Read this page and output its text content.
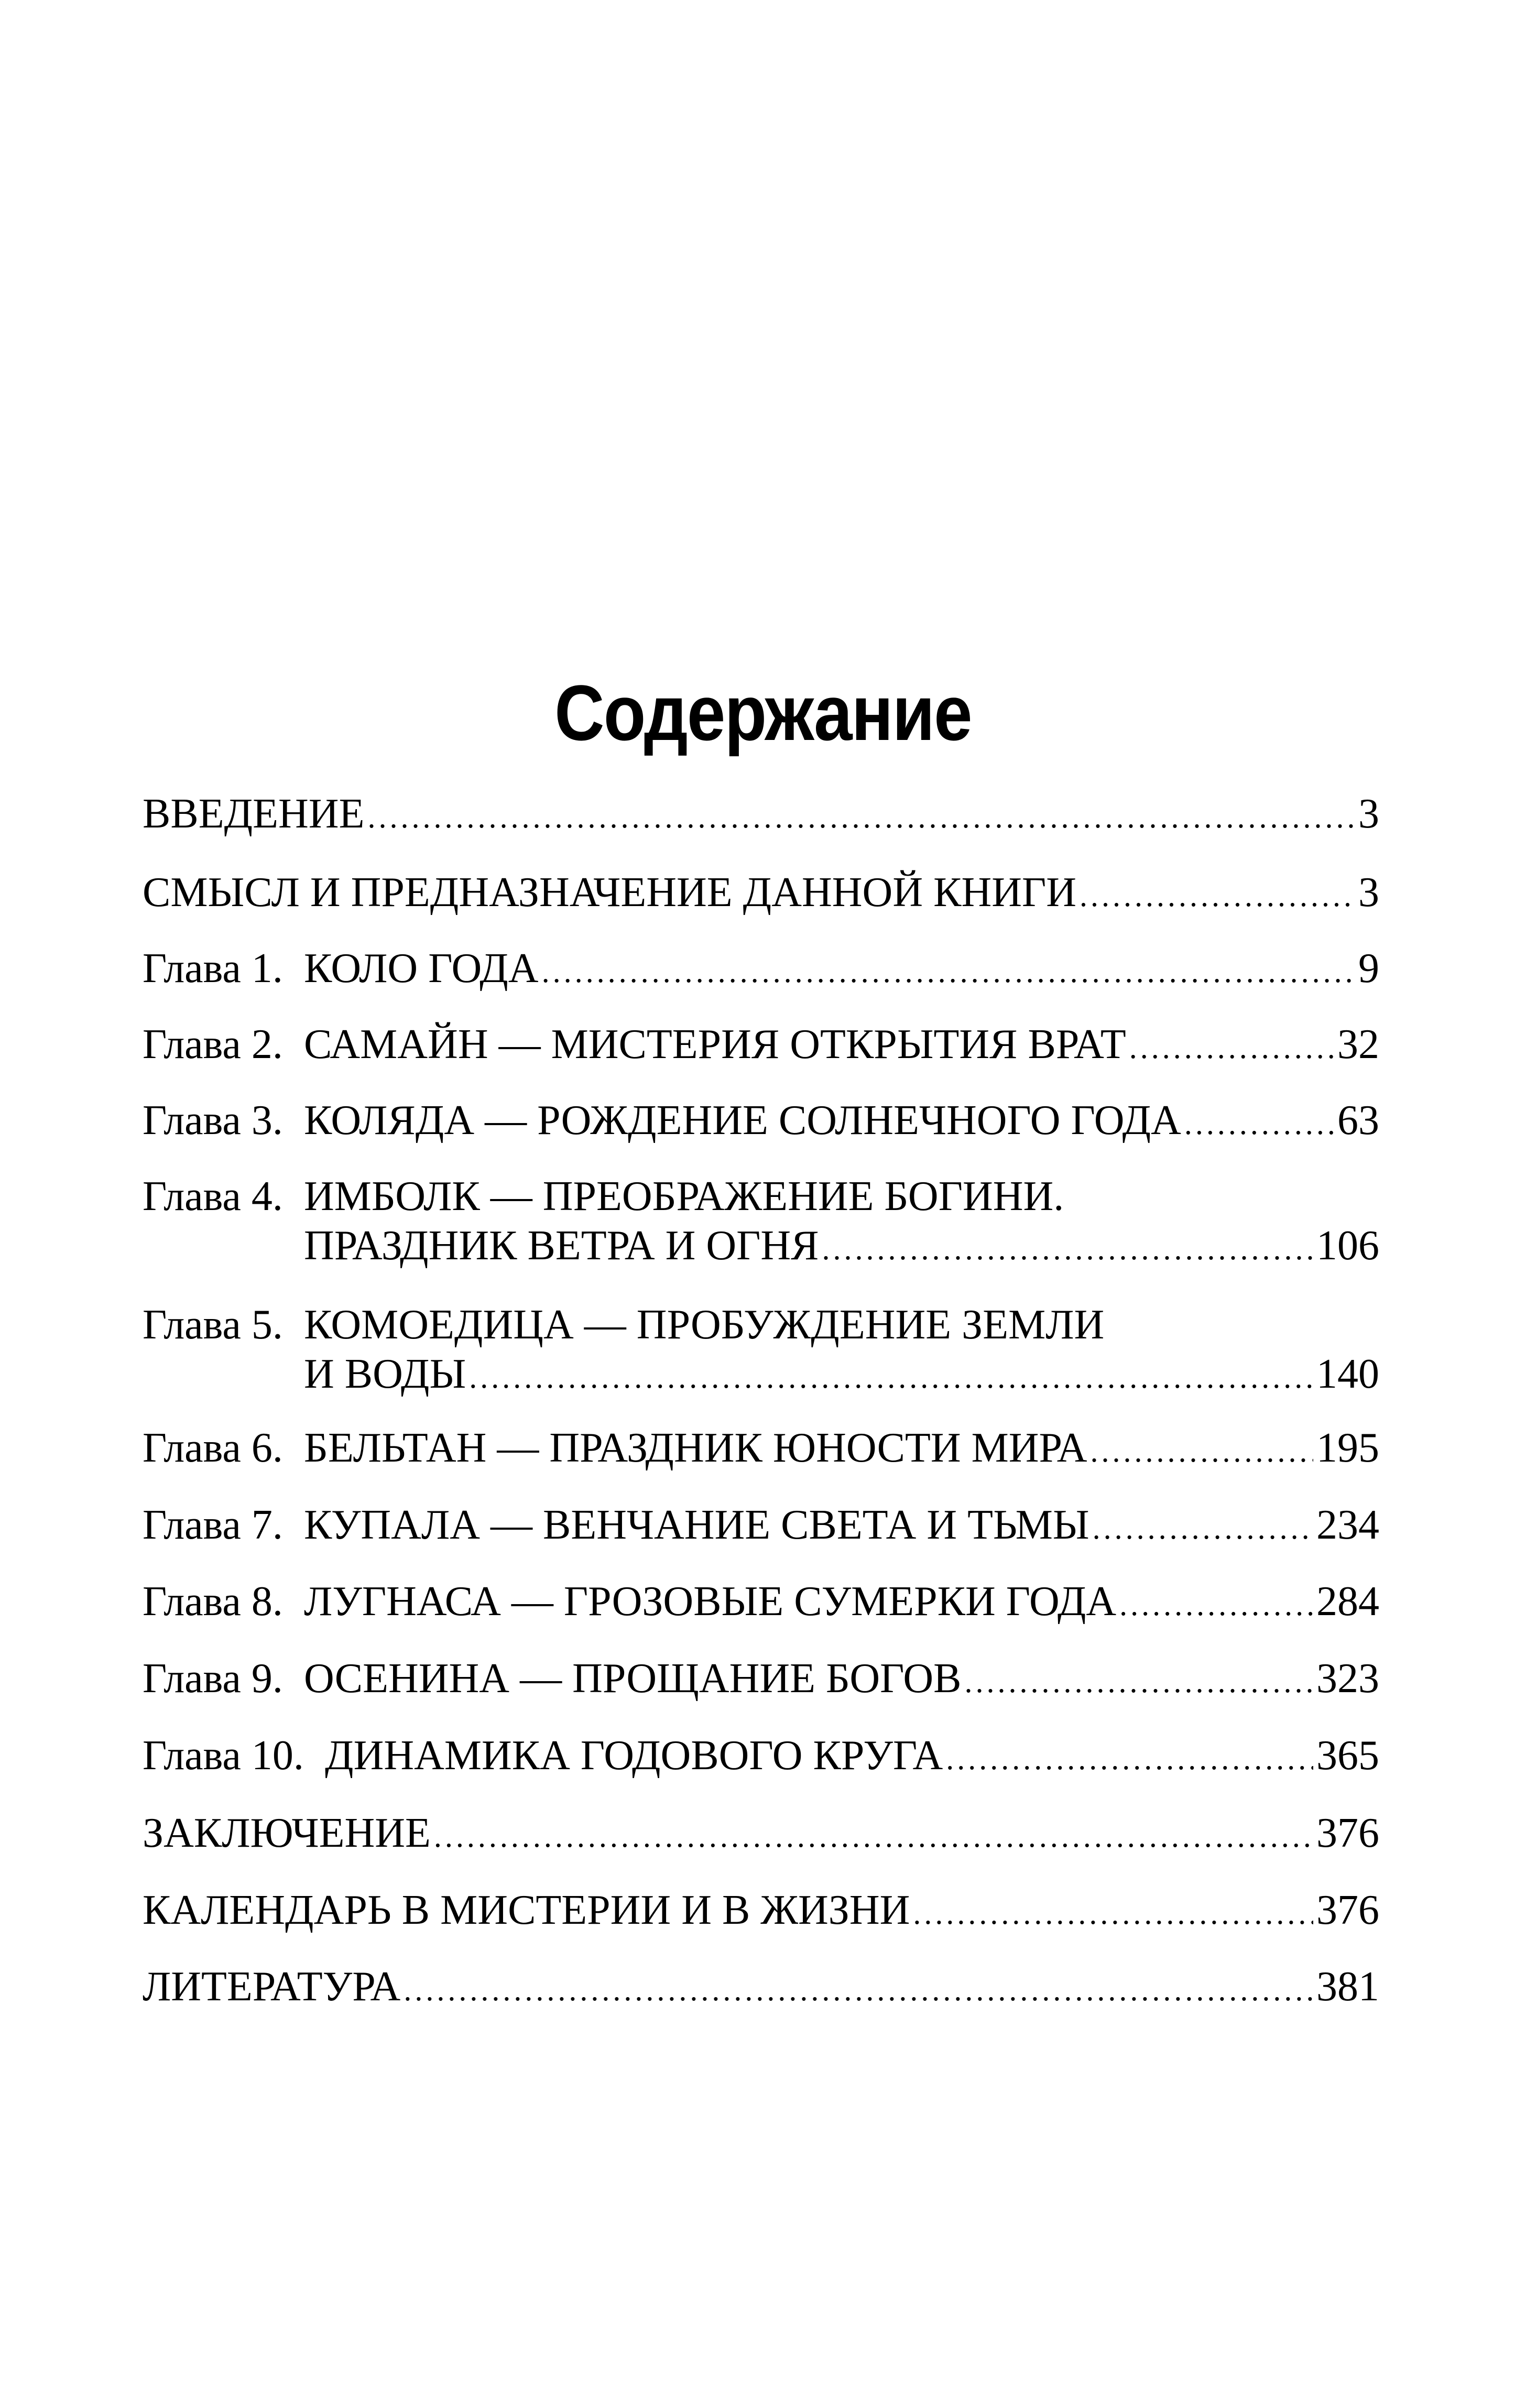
Содержание
ВВЕДЕНИЕ .....	3
СМЫСЛ И ПРЕДНАЗНАЧЕНИЕ ДАННОЙ КНИГИ .....	3
Глава 1. КОЛО ГОДА .....	9
Глава 2. САМАЙН — МИСТЕРИЯ ОТКРЫТИЯ ВРАТ .....	32
Глава 3. КОЛЯДА — РОЖДЕНИЕ СОЛНЕЧНОГО ГОДА .....	63
Глава 4. ИМБОЛК — ПРЕОБРАЖЕНИЕ БОГИНИ.
ПРАЗДНИК ВЕТРА И ОГНЯ .....	106
Глава 5. КОМОЕДИЦА — ПРОБУЖДЕНИЕ ЗЕМЛИ
И ВОДЫ .....	140
Глава 6. БЕЛЬТАН — ПРАЗДНИК ЮНОСТИ МИРА .....	195
Глава 7. КУПАЛА — ВЕНЧАНИЕ СВЕТА И ТЬМЫ .....	234
Глава 8. ЛУГНАСА — ГРОЗОВЫЕ СУМЕРКИ ГОДА .....	284
Глава 9. ОСЕНИНА — ПРОЩАНИЕ БОГОВ .....	323
Глава 10. ДИНАМИКА ГОДОВОГО КРУГА .....	365
ЗАКЛЮЧЕНИЕ .....	376
КАЛЕНДАРЬ В МИСТЕРИИ И В ЖИЗНИ .....	376
ЛИТЕРАТУРА .....	381
